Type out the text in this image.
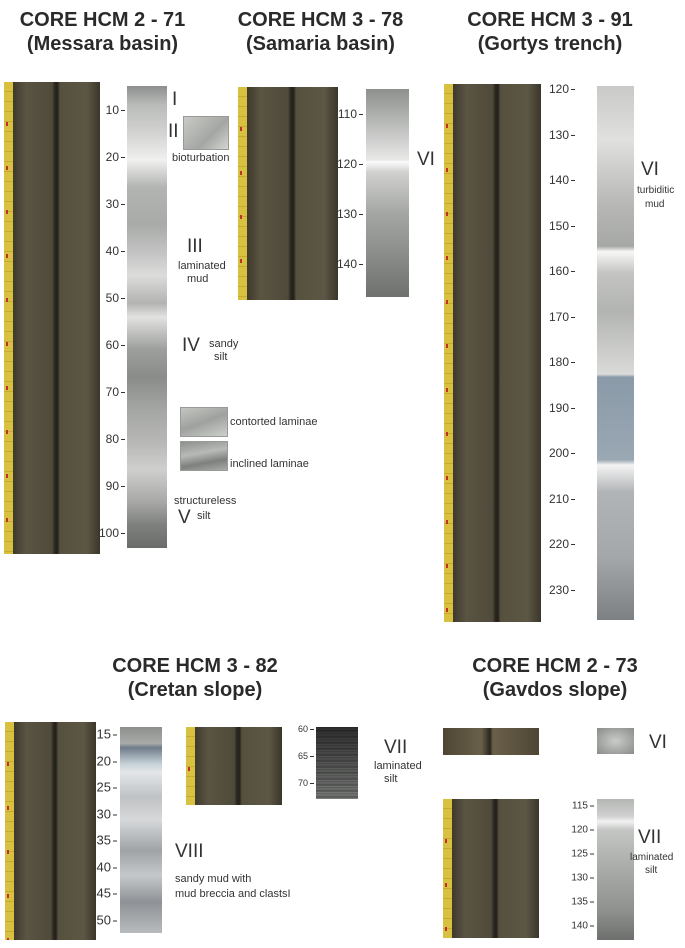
CORE HCM 2 - 71
(Messara basin)
CORE HCM 3 - 78
(Samaria basin)
CORE HCM 3 - 91
(Gortys trench)
CORE HCM 3 - 82
(Cretan slope)
CORE HCM 2 - 73
(Gavdos slope)
10
20
30
40
50
60
70
80
90
100
I
II
bioturbation
III
laminated
mud
IV sandy
silt
contorted laminae
inclined laminae
structureless
V silt
110
120
130
140
VI
120
130
140
150
160
170
180
190
200
210
220
230
VI
turbiditic
mud
15
20
25
30
35
40
45
50
VIII
sandy mud with
mud breccia and clastsI
60
65
70
VII
laminated
silt
VI
115
120
125
130
135
140
VII
laminated
silt
